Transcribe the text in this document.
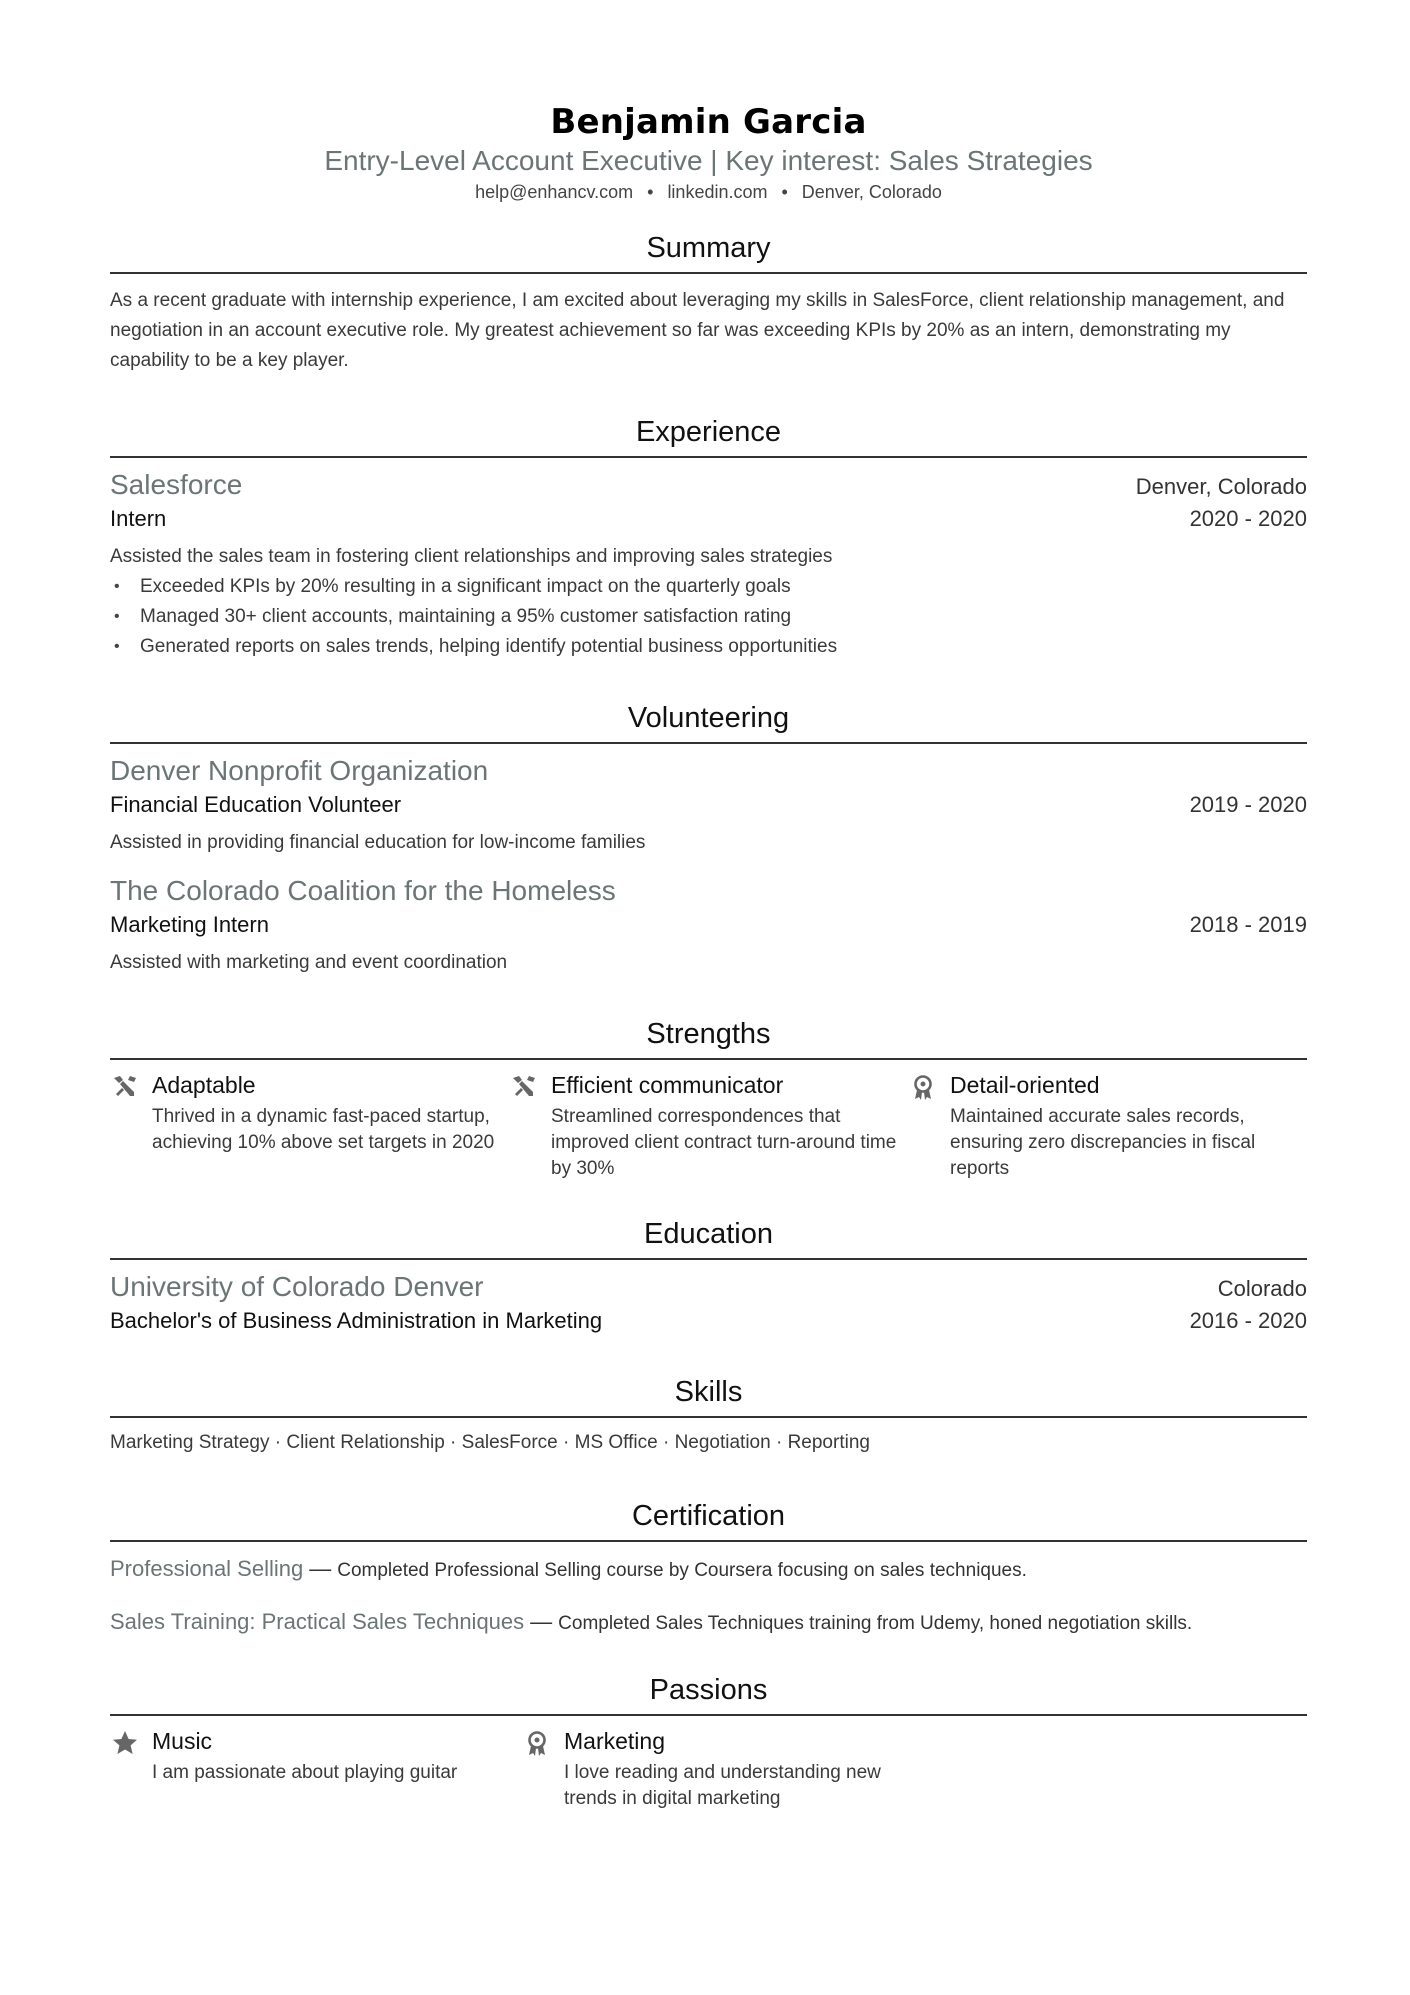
Benjamin Garcia
Entry-Level Account Executive | Key interest: Sales Strategies
help@enhancv.com • linkedin.com • Denver, Colorado
Summary
As a recent graduate with internship experience, I am excited about leveraging my skills in SalesForce, client relationship management, and negotiation in an account executive role. My greatest achievement so far was exceeding KPIs by 20% as an intern, demonstrating my capability to be a key player.
Experience
Salesforce	Denver, Colorado
Intern	2020 - 2020
Assisted the sales team in fostering client relationships and improving sales strategies
• Exceeded KPIs by 20% resulting in a significant impact on the quarterly goals
• Managed 30+ client accounts, maintaining a 95% customer satisfaction rating
• Generated reports on sales trends, helping identify potential business opportunities
Volunteering
Denver Nonprofit Organization
Financial Education Volunteer	2019 - 2020
Assisted in providing financial education for low-income families
The Colorado Coalition for the Homeless
Marketing Intern	2018 - 2019
Assisted with marketing and event coordination
Strengths
Adaptable
Thrived in a dynamic fast-paced startup, achieving 10% above set targets in 2020
Efficient communicator
Streamlined correspondences that improved client contract turn-around time by 30%
Detail-oriented
Maintained accurate sales records, ensuring zero discrepancies in fiscal reports
Education
University of Colorado Denver	Colorado
Bachelor's of Business Administration in Marketing	2016 - 2020
Skills
Marketing Strategy · Client Relationship · SalesForce · MS Office · Negotiation · Reporting
Certification
Professional Selling — Completed Professional Selling course by Coursera focusing on sales techniques.
Sales Training: Practical Sales Techniques — Completed Sales Techniques training from Udemy, honed negotiation skills.
Passions
Music
I am passionate about playing guitar
Marketing
I love reading and understanding new trends in digital marketing
